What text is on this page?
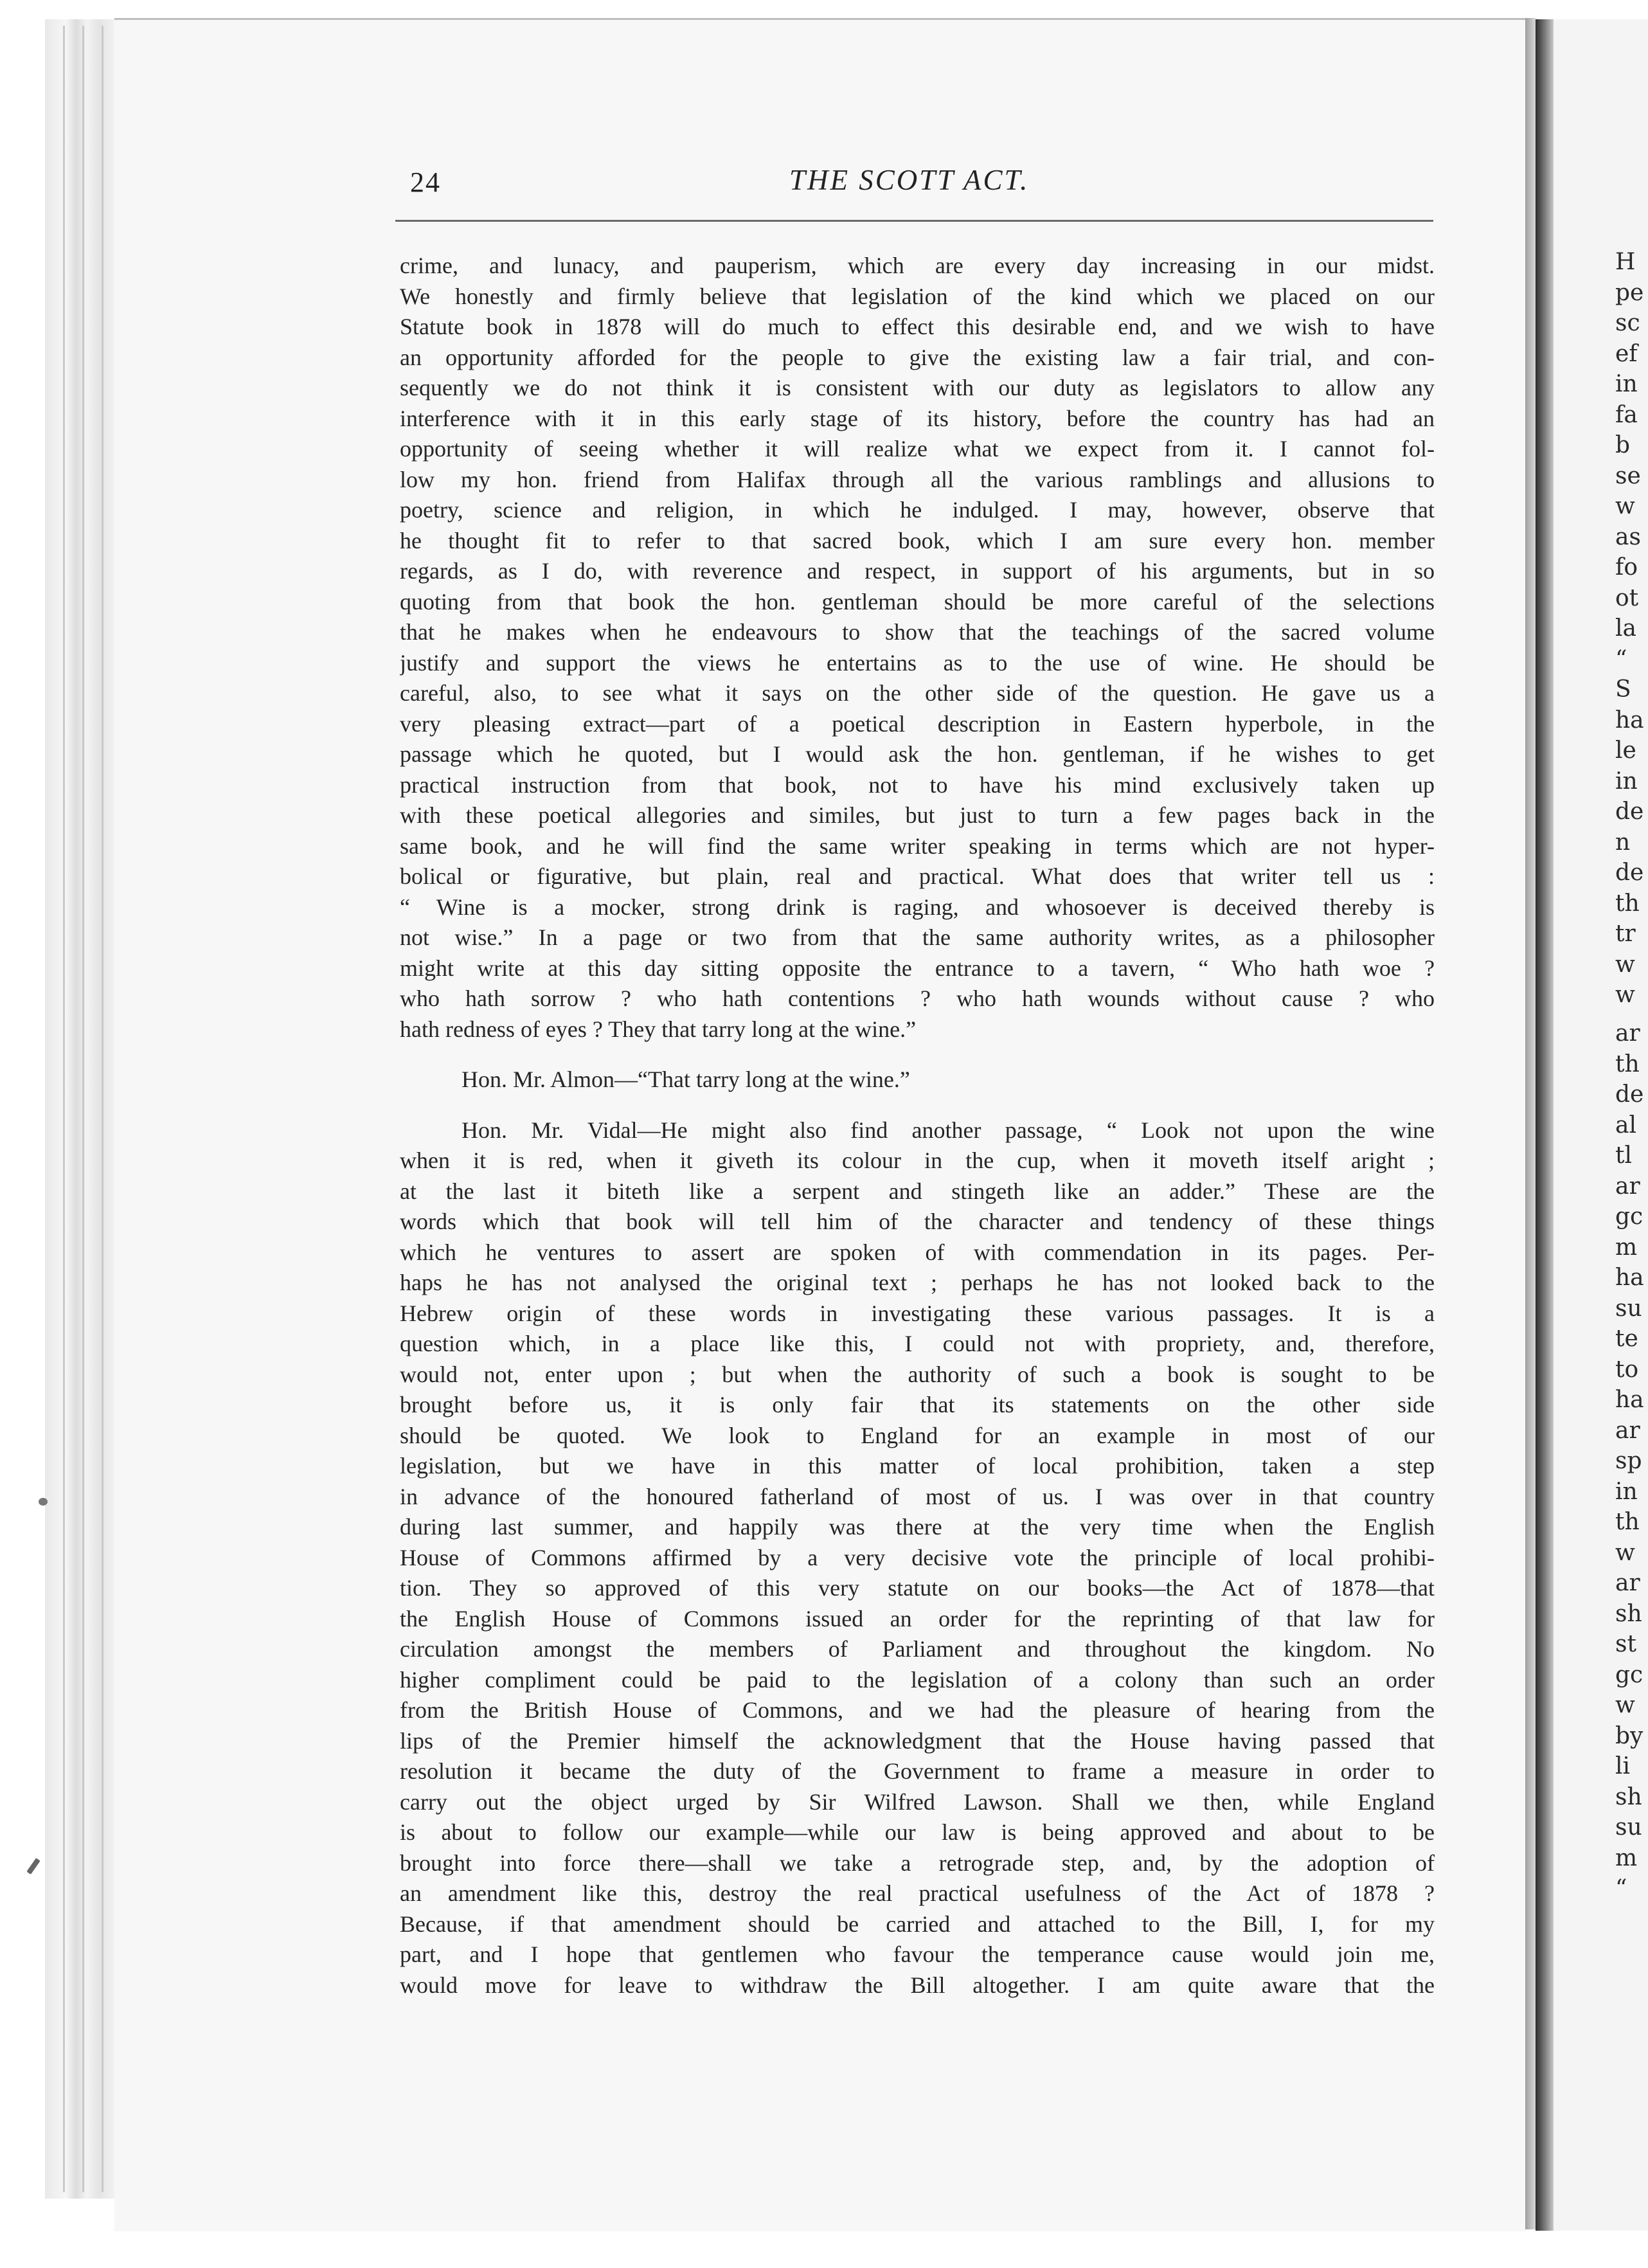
H
pe
sc
ef
in
fa
b
se
w
as
fo
ot
la
“
S
ha
le
in
de
n
de
th
tr
w
w
ar
th
de
al
tl
ar
gc
m
ha
su
te
to
ha
ar
sp
in
th
w
ar
sh
st
gc
w
by
li
sh
su
m
“
24	THE SCOTT ACT.
crime, and lunacy, and pauperism, which are every day increasing in our midst.
We honestly and firmly believe that legislation of the kind which we placed on our
Statute book in 1878 will do much to effect this desirable end, and we wish to have
an opportunity afforded for the people to give the existing law a fair trial, and con-
sequently we do not think it is consistent with our duty as legislators to allow any
interference with it in this early stage of its history, before the country has had an
opportunity of seeing whether it will realize what we expect from it. I cannot fol-
low my hon. friend from Halifax through all the various ramblings and allusions to
poetry, science and religion, in which he indulged. I may, however, observe that
he thought fit to refer to that sacred book, which I am sure every hon. member
regards, as I do, with reverence and respect, in support of his arguments, but in so
quoting from that book the hon. gentleman should be more careful of the selections
that he makes when he endeavours to show that the teachings of the sacred volume
justify and support the views he entertains as to the use of wine. He should be
careful, also, to see what it says on the other side of the question. He gave us a
very pleasing extract—part of a poetical description in Eastern hyperbole, in the
passage which he quoted, but I would ask the hon. gentleman, if he wishes to get
practical instruction from that book, not to have his mind exclusively taken up
with these poetical allegories and similes, but just to turn a few pages back in the
same book, and he will find the same writer speaking in terms which are not hyper-
bolical or figurative, but plain, real and practical. What does that writer tell us :
“ Wine is a mocker, strong drink is raging, and whosoever is deceived thereby is
not wise.” In a page or two from that the same authority writes, as a philosopher
might write at this day sitting opposite the entrance to a tavern, “ Who hath woe ?
who hath sorrow ? who hath contentions ? who hath wounds without cause ? who
hath redness of eyes ? They that tarry long at the wine.”
Hon. Mr. Almon—“That tarry long at the wine.”
Hon. Mr. Vidal—He might also find another passage, “ Look not upon the wine
when it is red, when it giveth its colour in the cup, when it moveth itself aright ;
at the last it biteth like a serpent and stingeth like an adder.” These are the
words which that book will tell him of the character and tendency of these things
which he ventures to assert are spoken of with commendation in its pages. Per-
haps he has not analysed the original text ; perhaps he has not looked back to the
Hebrew origin of these words in investigating these various passages. It is a
question which, in a place like this, I could not with propriety, and, therefore,
would not, enter upon ; but when the authority of such a book is sought to be
brought before us, it is only fair that its statements on the other side
should be quoted. We look to England for an example in most of our
legislation, but we have in this matter of local prohibition, taken a step
in advance of the honoured fatherland of most of us. I was over in that country
during last summer, and happily was there at the very time when the English
House of Commons affirmed by a very decisive vote the principle of local prohibi-
tion. They so approved of this very statute on our books—the Act of 1878—that
the English House of Commons issued an order for the reprinting of that law for
circulation amongst the members of Parliament and throughout the kingdom. No
higher compliment could be paid to the legislation of a colony than such an order
from the British House of Commons, and we had the pleasure of hearing from the
lips of the Premier himself the acknowledgment that the House having passed that
resolution it became the duty of the Government to frame a measure in order to
carry out the object urged by Sir Wilfred Lawson. Shall we then, while England
is about to follow our example—while our law is being approved and about to be
brought into force there—shall we take a retrograde step, and, by the adoption of
an amendment like this, destroy the real practical usefulness of the Act of 1878 ?
Because, if that amendment should be carried and attached to the Bill, I, for my
part, and I hope that gentlemen who favour the temperance cause would join me,
would move for leave to withdraw the Bill altogether. I am quite aware that the
